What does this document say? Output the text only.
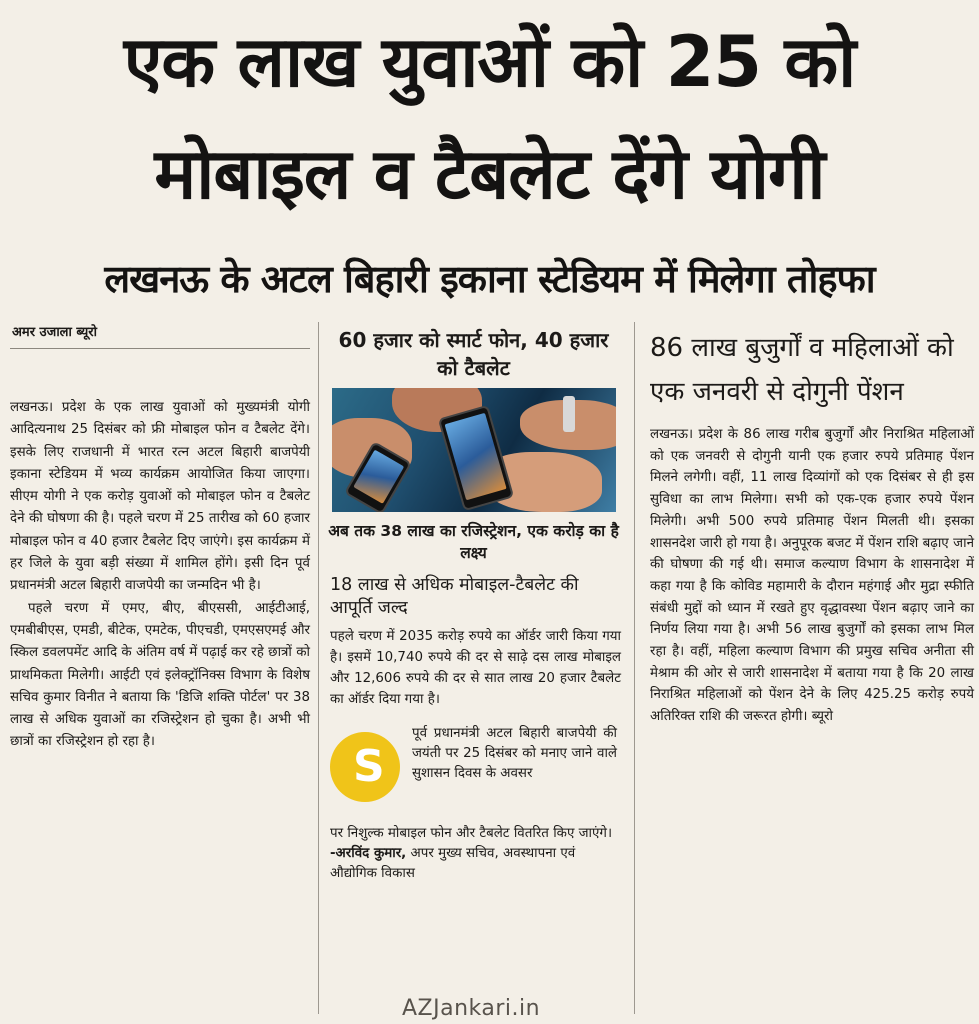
एक लाख युवाओं को 25 को
मोबाइल व टैबलेट देंगे योगी
लखनऊ के अटल बिहारी इकाना स्टेडियम में मिलेगा तोहफा
अमर उजाला ब्यूरो

लखनऊ। प्रदेश के एक लाख युवाओं को मुख्यमंत्री योगी आदित्यनाथ 25 दिसंबर को फ्री मोबाइल फोन व टैबलेट देंगे। इसके लिए राजधानी में भारत रत्न अटल बिहारी बाजपेयी इकाना स्टेडियम में भव्य कार्यक्रम आयोजित किया जाएगा। सीएम योगी ने एक करोड़ युवाओं को मोबाइल फोन व टैबलेट देने की घोषणा की है। पहले चरण में 25 तारीख को 60 हजार मोबाइल फोन व 40 हजार टैबलेट दिए जाएंगे। इस कार्यक्रम में हर जिले के युवा बड़ी संख्या में शामिल होंगे। इसी दिन पूर्व प्रधानमंत्री अटल बिहारी वाजपेयी का जन्मदिन भी है।

पहले चरण में एमए, बीए, बीएससी, आईटीआई, एमबीबीएस, एमडी, बीटेक, एमटेक, पीएचडी, एमएसएमई और स्किल डवलपमेंट आदि के अंतिम वर्ष में पढ़ाई कर रहे छात्रों को प्राथमिकता मिलेगी। आईटी एवं इलेक्ट्रॉनिक्स विभाग के विशेष सचिव कुमार विनीत ने बताया कि 'डिजि शक्ति पोर्टल' पर 38 लाख से अधिक युवाओं का रजिस्ट्रेशन हो चुका है। अभी भी छात्रों का रजिस्ट्रेशन हो रहा है।

60 हजार को स्मार्ट फोन, 40 हजार को टैबलेट
अब तक 38 लाख का रजिस्ट्रेशन, एक करोड़ का है लक्ष्य
18 लाख से अधिक मोबाइल-टैबलेट की आपूर्ति जल्द

पहले चरण में 2035 करोड़ रुपये का ऑर्डर जारी किया गया है। इसमें 10,740 रुपये की दर से साढ़े दस लाख मोबाइल और 12,606 रुपये की दर से सात लाख 20 हजार टैबलेट का ऑर्डर दिया गया है।

S

पूर्व प्रधानमंत्री अटल बिहारी बाजपेयी की जयंती पर 25 दिसंबर को मनाए जाने वाले सुशासन दिवस के अवसर

पर निशुल्क मोबाइल फोन और टैबलेट वितरित किए जाएंगे। -अरविंद कुमार, अपर मुख्य सचिव, अवस्थापना एवं औद्योगिक विकास

86 लाख बुजुर्गों व महिलाओं को एक जनवरी से दोगुनी पेंशन

लखनऊ। प्रदेश के 86 लाख गरीब बुजुर्गों और निराश्रित महिलाओं को एक जनवरी से दोगुनी यानी एक हजार रुपये प्रतिमाह पेंशन मिलने लगेगी। वहीं, 11 लाख दिव्यांगों को एक दिसंबर से ही इस सुविधा का लाभ मिलेगा। सभी को एक-एक हजार रुपये पेंशन मिलेगी। अभी 500 रुपये प्रतिमाह पेंशन मिलती थी। इसका शासनदेश जारी हो गया है। अनुपूरक बजट में पेंशन राशि बढ़ाए जाने की घोषणा की गई थी। समाज कल्याण विभाग के शासनादेश में कहा गया है कि कोविड महामारी के दौरान महंगाई और मुद्रा स्फीति संबंधी मुद्दों को ध्यान में रखते हुए वृद्धावस्था पेंशन बढ़ाए जाने का निर्णय लिया गया है। अभी 56 लाख बुजुर्गों को इसका लाभ मिल रहा है। वहीं, महिला कल्याण विभाग की प्रमुख सचिव अनीता सी मेश्राम की ओर से जारी शासनादेश में बताया गया है कि 20 लाख निराश्रित महिलाओं को पेंशन देने के लिए 425.25 करोड़ रुपये अतिरिक्त राशि की जरूरत होगी। ब्यूरो

AZJankari.in
